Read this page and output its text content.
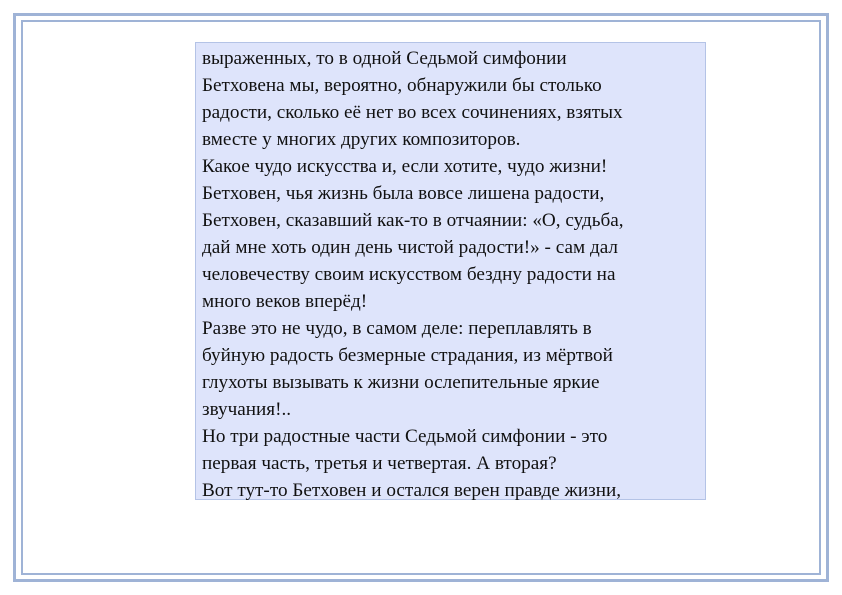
выраженных, то в одной Седьмой симфонии
Бетховена мы, вероятно, обнаружили бы столько
радости, сколько её нет во всех сочинениях, взятых
вместе у многих других композиторов.
Какое чудо искусства и, если хотите, чудо жизни!
Бетховен, чья жизнь была вовсе лишена радости,
Бетховен, сказавший как-то в отчаянии: «О, судьба,
дай мне хоть один день чистой радости!» - сам дал
человечеству своим искусством бездну радости на
много веков вперёд!
Разве это не чудо, в самом деле: переплавлять в
буйную радость безмерные страдания, из мёртвой
глухоты вызывать к жизни ослепительные яркие
звучания!..
Но три радостные части Седьмой симфонии - это
первая часть, третья и четвертая. А вторая?
Вот тут-то Бетховен и остался верен правде жизни,
